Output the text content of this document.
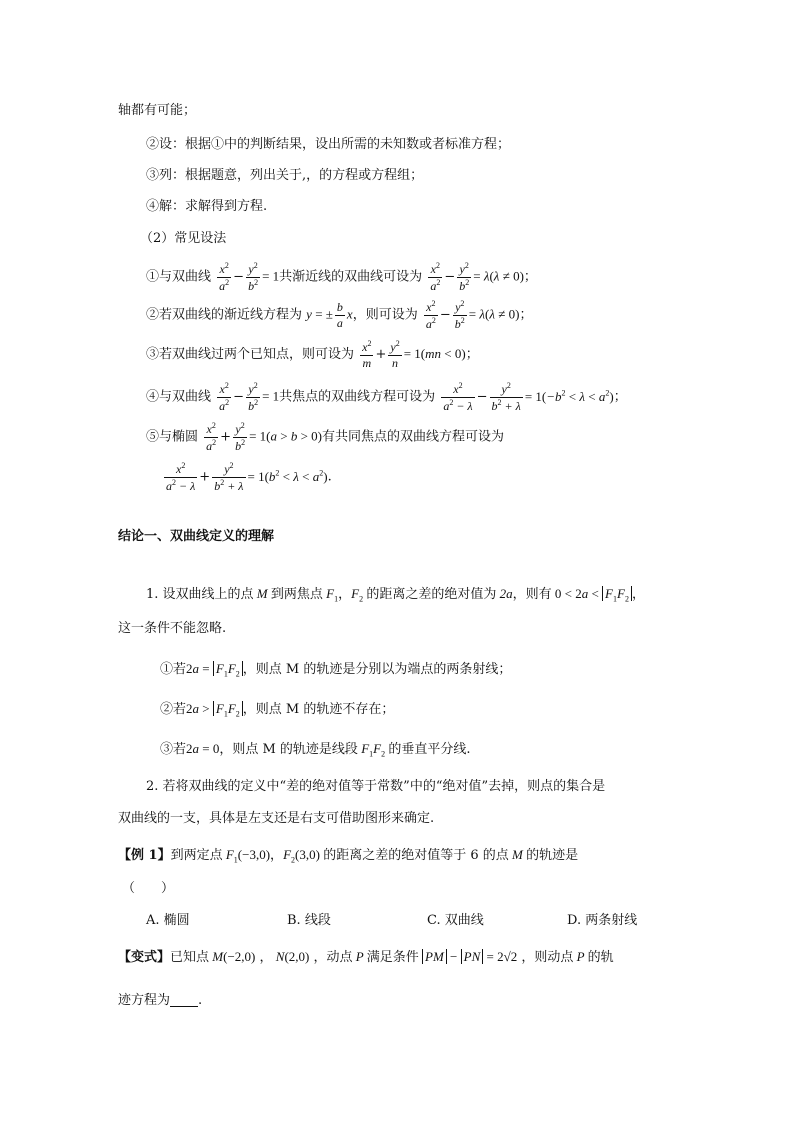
轴都有可能；
②设：根据①中的判断结果，设出所需的未知数或者标准方程；
③列：根据题意，列出关于,，的方程或方程组；
④解：求解得到方程.
（2）常见设法
①与双曲线 $\frac{x^2}{a^2} - \frac{y^2}{b^2} = 1$共渐近线的双曲线可设为 $\frac{x^2}{a^2} - \frac{y^2}{b^2} = \lambda(\lambda \ne 0)$；
②若双曲线的渐近线方程为 y = ± $\frac{b}{a}$ x，则可设为 $\frac{x^2}{a^2} - \frac{y^2}{b^2} = \lambda(\lambda \ne 0)$；
③若双曲线过两个已知点，则可设为 $\frac{x^2}{m} + \frac{y^2}{n} = 1(mn < 0)$；
④与双曲线 $\frac{x^2}{a^2} - \frac{y^2}{b^2} = 1$共焦点的双曲线方程可设为 $\frac{x^2}{a^2 - \lambda} - \frac{y^2}{b^2 + \lambda} = 1(-b^2 < \lambda < a^2)$；
⑤与椭圆 $\frac{x^2}{a^2} + \frac{y^2}{b^2} = 1(a > b > 0)$有共同焦点的双曲线方程可设为
$\frac{x^2}{a^2 - \lambda} + \frac{y^2}{b^2 + \lambda} = 1(b^2 < \lambda < a^2)$.
结论一、双曲线定义的理解
1. 设双曲线上的点 M 到两焦点 $F_1$，$F_2$ 的距离之差的绝对值为 2a，则有 $0 < 2a < F_1F_2$ ，
这一条件不能忽略.
①若$2a = F_1F_2$ ，则点 M 的轨迹是分别以为端点的两条射线；
②若$2a > F_1F_2$ ，则点 M 的轨迹不存在；
③若2a = 0，则点 M 的轨迹是线段 $F_1F_2$ 的垂直平分线.
2. 若将双曲线的定义中“差的绝对值等于常数”中的“绝对值”去掉，则点的集合是
双曲线的一支，具体是左支还是右支可借助图形来确定.
【例 1】到两定点 $F_1(-3,0)$，$F_2(3,0)$ 的距离之差的绝对值等于 6 的点 M 的轨迹是
（　　）
A. 椭圆	B. 线段	C. 双曲线	D. 两条射线
【变式】已知点 M(−2,0) ， N(2,0) ，动点 P 满足条件 PM − PN = 2√2 ，则动点 P 的轨
迹方程为 .
